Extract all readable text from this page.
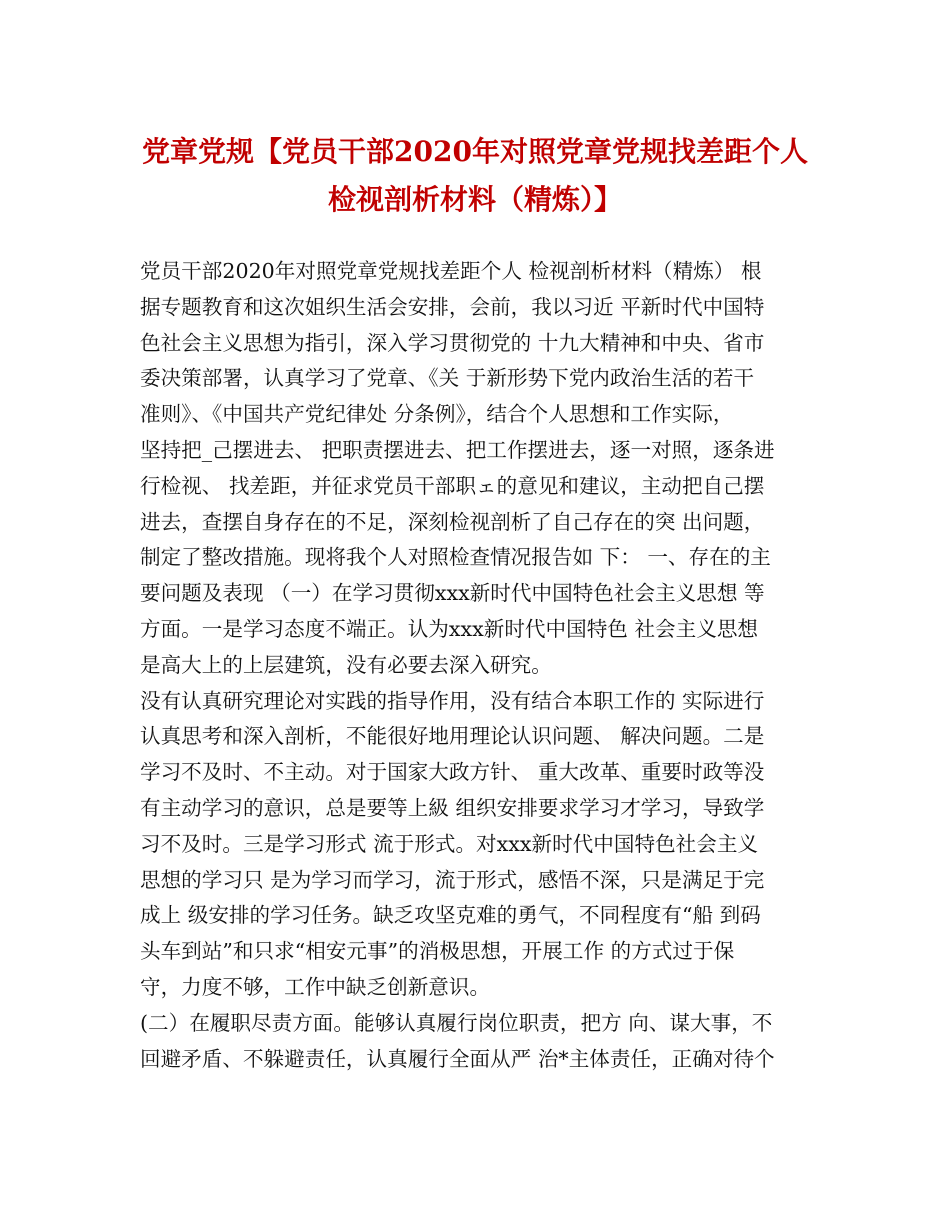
党章党规【党员干部2020年对照党章党规找差距个人
检视剖析材料（精炼）】
党员干部2020年对照党章党规找差距个人 检视剖析材料（精炼） 根
据专题教育和这次姐织生活会安排，会前，我以习近 平新时代中国特
色社会主义思想为指引，深入学习贯彻党的 十九大精神和中央、省市
委决策部署，认真学习了党章、《关 于新形势下党内政治生活的若干
准则》、《中国共产党纪律处 分条例》，结合个人思想和工作实际，
坚持把_己摆进去、 把职责摆进去、把工作摆进去，逐一对照，逐条进
行检视、 找差距，并征求党员干部职ェ的意见和建议，主动把自己摆
进去，查摆自身存在的不足，深刻检视剖析了自己存在的突 出问题，
制定了整改措施。现将我个人对照检查情况报告如 下： 一、存在的主
要问题及表现 （一）在学习贯彻xxx新时代中国特色社会主义思想 等
方面。一是学习态度不端正。认为xxx新时代中国特色 社会主义思想
是高大上的上层建筑，没有必要去深入研究。
没有认真研究理论对实践的指导作用，没有结合本职工作的 实际进行
认真思考和深入剖析，不能很好地用理论认识问题、 解决问题。二是
学习不及时、不主动。对于国家大政方针、 重大改革、重要时政等没
有主动学习的意识，总是要等上級 组织安排要求学习才学习，导致学
习不及时。三是学习形式 流于形式。对xxx新时代中国特色社会主义
思想的学习只 是为学习而学习，流于形式，感悟不深，只是满足于完
成上 级安排的学习任务。缺乏攻坚克难的勇气，不同程度有“船 到码
头车到站”和只求“相安元事”的消极思想，开展工作 的方式过于保
守，力度不够，工作中缺乏创新意识。
(二）在履职尽责方面。能够认真履行岗位职责，把方 向、谋大事，不
回避矛盾、不躲避责任，认真履行全面从严 治*主体责任，正确对待个
